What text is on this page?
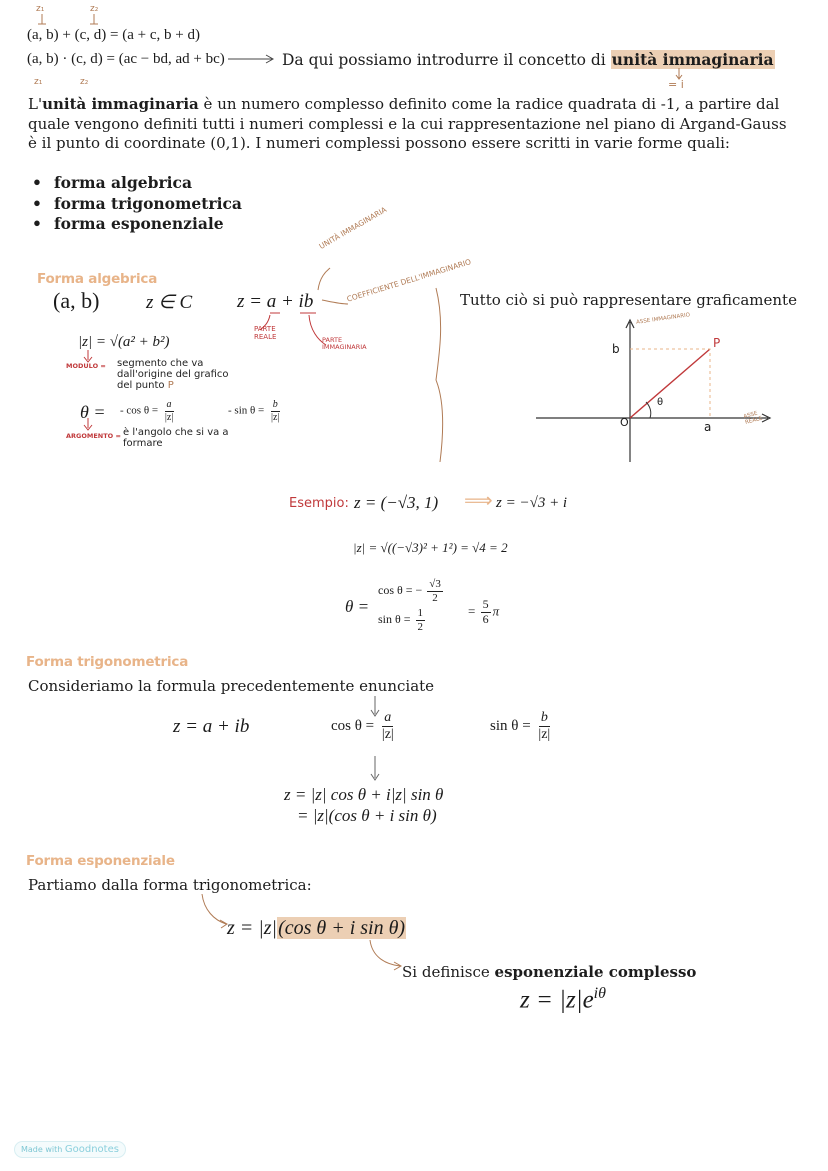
z₁	z₂
(a, b) + (c, d) = (a + c, b + d)
(a, b) · (c, d) = (ac − bd, ad + bc)	Da qui possiamo introdurre il concetto di unità immaginaria
= i
z₁	z₂
L'unità immaginaria è un numero complesso definito come la radice quadrata di -1, a partire dal quale vengono definiti tutti i numeri complessi e la cui rappresentazione nel piano di Argand-Gauss è il punto di coordinate (0,1). I numeri complessi possono essere scritti in varie forme quali:
• forma algebrica
• forma trigonometrica
• forma esponenziale
Forma algebrica
(a, b) z ∈ C z = a + ib
UNITÀ IMMAGINARIA
COEFFICIENTE DELL'IMMAGINARIO
PARTE REALE	PARTE IMMAGINARIA
|z| = √(a² + b²)
MODULO = segmento che va dall'origine del grafico del punto P
θ = - $\cos \theta = \frac{a}{|z|}$	- $\sin \theta = \frac{b}{|z|}$
ARGOMENTO = è l'angolo che si va a formare
Tutto ciò si può rappresentare graficamente
ASSE IMMAGINARIO
ASSE REALE
P
b
a
O
θ
Esempio: z = (−√3, 1) ⟹ z = −√3 + i
|z| = √((−√3)² + 1²) = √4 = 2
θ =
cos θ = − $\frac{√3}{2}$
$\sin \theta = \frac{1}{2}$	= $\frac{5}{6}$ π
Forma trigonometrica
Consideriamo la formula precedentemente enunciate
z = a + ib	$\cos \theta = \frac{a}{|z|}$	$\sin \theta = \frac{b}{|z|}$
z = |z| cos θ + i|z| sin θ
= |z|(cos θ + i sin θ)
Forma esponenziale
Partiamo dalla forma trigonometrica:
z = |z|(cos θ + i sin θ)
Si definisce esponenziale complesso
$z = |z|e^{i\theta}$
Made with Goodnotes
